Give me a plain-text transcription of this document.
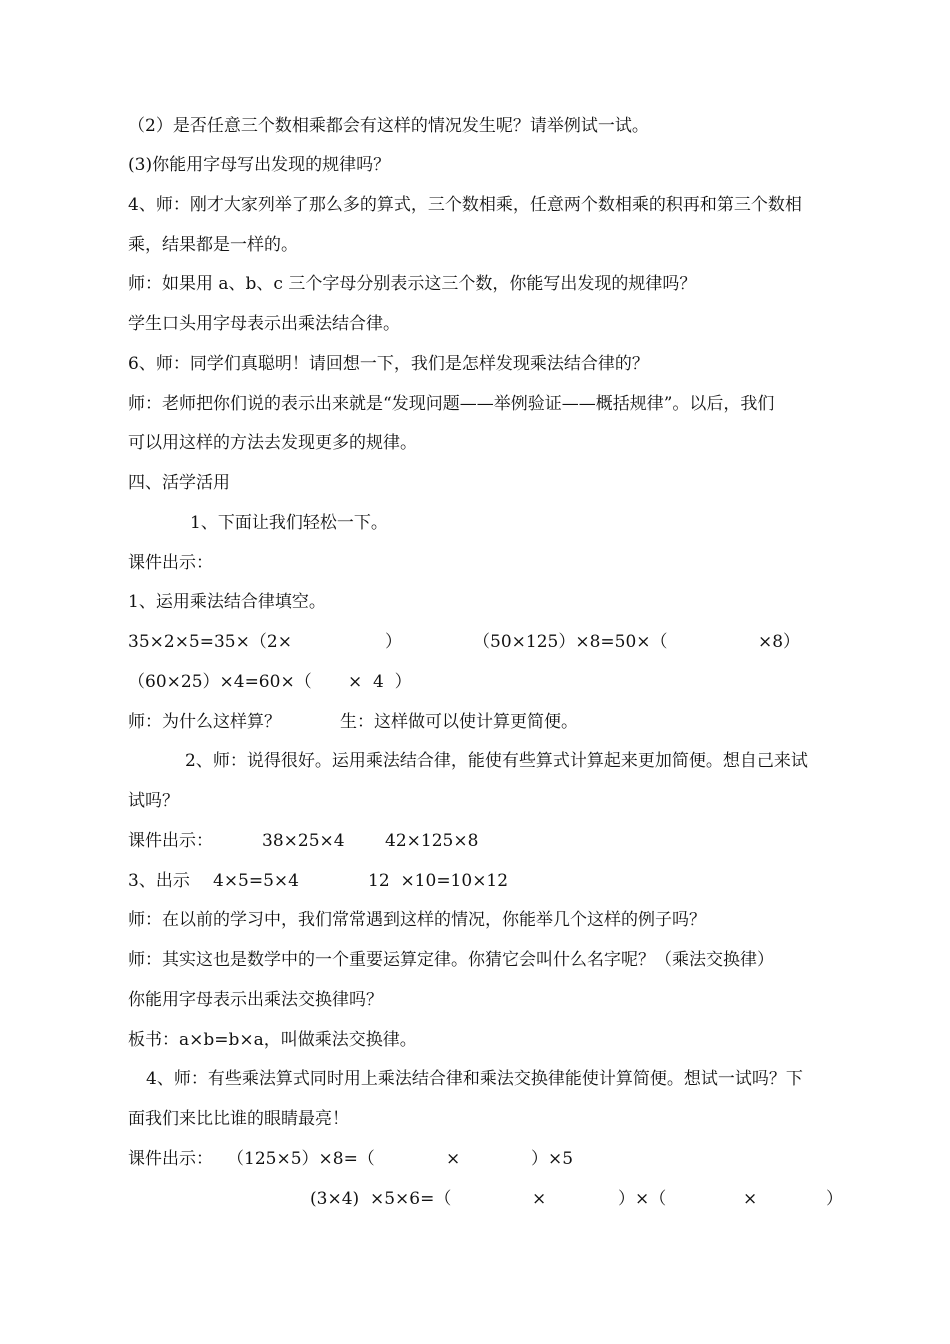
（2）是否任意三个数相乘都会有这样的情况发生呢？请举例试一试。
(3)你能用字母写出发现的规律吗？
4、师：刚才大家列举了那么多的算式，三个数相乘，任意两个数相乘的积再和第三个数相
乘，结果都是一样的。
师：如果用 a、b、c 三个字母分别表示这三个数，你能写出发现的规律吗？
学生口头用字母表示出乘法结合律。
6、师：同学们真聪明！请回想一下，我们是怎样发现乘法结合律的？
师：老师把你们说的表示出来就是“发现问题——举例验证——概括规律”。以后，我们
可以用这样的方法去发现更多的规律。
四、活学活用
1、下面让我们轻松一下。
课件出示：
1、运用乘法结合律填空。
35×2×5=35×（2×	）	（50×125）×8=50×（	×8）
（60×25）×4=60×（ ×  4  ）
师：为什么这样算？	生：这样做可以使计算更简便。
2、师：说得很好。运用乘法结合律，能使有些算式计算起来更加简便。想自己来试
试吗？
课件出示：	38×25×4 42×125×8
3、出示 4×5=5×4	12  ×10=10×12
师：在以前的学习中，我们常常遇到这样的情况，你能举几个这样的例子吗？
师：其实这也是数学中的一个重要运算定律。你猜它会叫什么名字呢？（乘法交换律）
你能用字母表示出乘法交换律吗？
板书：a×b=b×a，叫做乘法交换律。
4、师：有些乘法算式同时用上乘法结合律和乘法交换律能使计算简便。想试一试吗？下
面我们来比比谁的眼睛最亮！
课件出示： （125×5）×8=（	×	）×5
(3×4)  ×5×6=（	×	）×（	×	）
